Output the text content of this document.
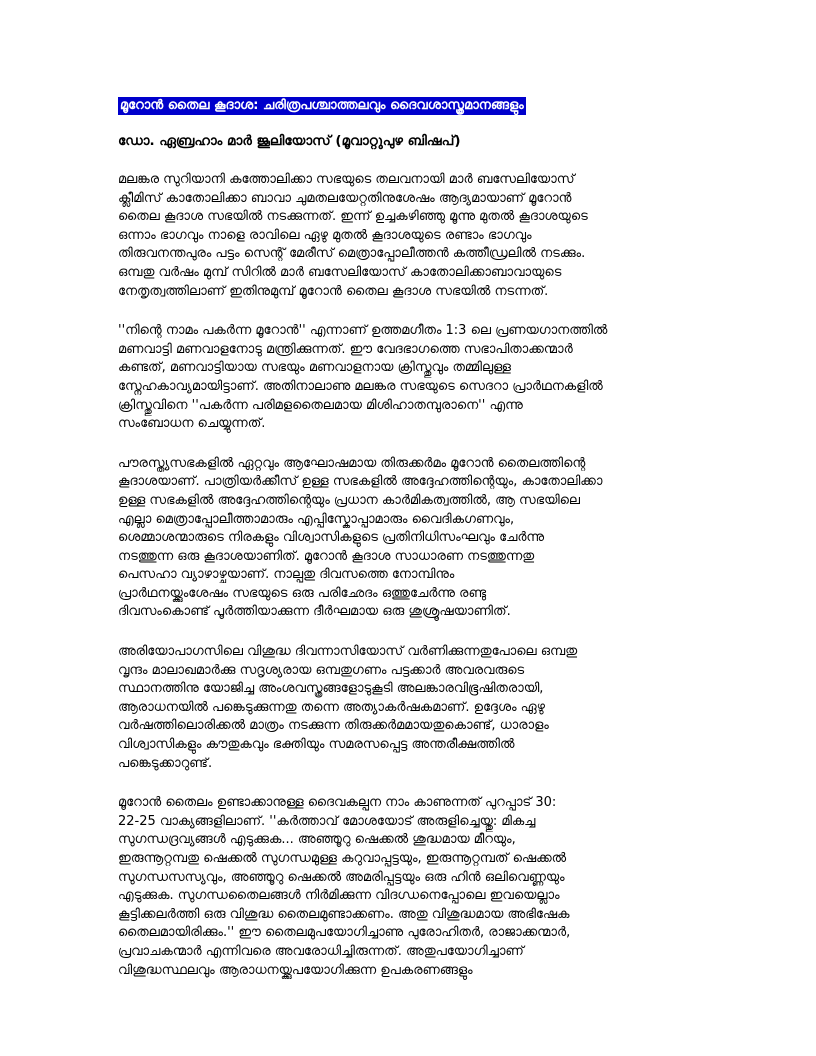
മൂറോൻ തൈല കൂദാശ: ചരിത്രപശ്ചാത്തലവും ദൈവശാസ്ത്രമാനങ്ങളും
ഡോ. ഏബ്രഹാം മാർ ജൂലിയോസ് (മൂവാറ്റുപുഴ ബിഷപ്)
മലങ്കര സുറിയാനി കത്തോലിക്കാ സഭയുടെ തലവനായി മാർ ബസേലിയോസ്
ക്ലീമിസ് കാതോലിക്കാ ബാവാ ചുമതലയേറ്റതിനുശേഷം ആദ്യമായാണ് മൂറോൻ
തൈല കൂദാശ സഭയിൽ നടക്കുന്നത്. ഇന്ന് ഉച്ചകഴിഞ്ഞു മൂന്നു മുതൽ കൂദാശയുടെ
ഒന്നാം ഭാഗവും നാളെ രാവിലെ ഏഴു മുതൽ കൂദാശയുടെ രണ്ടാം ഭാഗവും
തിരുവനന്തപുരം പട്ടം സെന്റ് മേരീസ് മെത്രാപ്പോലീത്തൻ കത്തീഡ്രലിൽ നടക്കും.
ഒമ്പതു വർഷം മുമ്പ് സിറിൽ മാർ ബസേലിയോസ് കാതോലിക്കാബാവായുടെ
നേതൃത്വത്തിലാണ് ഇതിനുമുമ്പ് മൂറോൻ തൈല കൂദാശ സഭയിൽ നടന്നത്.
''നിന്റെ നാമം പകർന്ന മൂറോൻ'' എന്നാണ് ഉത്തമഗീതം 1:3 ലെ പ്രണയഗാനത്തിൽ
മണവാട്ടി മണവാളനോടു മന്ത്രിക്കുന്നത്. ഈ വേദഭാഗത്തെ സഭാപിതാക്കന്മാർ
കണ്ടത്, മണവാട്ടിയായ സഭയും മണവാളനായ ക്രിസ്തുവും തമ്മിലുള്ള
സ്നേഹകാവ്യമായിട്ടാണ്. അതിനാലാണു മലങ്കര സഭയുടെ സെദറാ പ്രാർഥനകളിൽ
ക്രിസ്തുവിനെ ''പകർന്ന പരിമളതൈലമായ മിശിഹാതമ്പുരാനെ'' എന്നു
സംബോധന ചെയ്യുന്നത്.
പൗരസ്ത്യസഭകളിൽ ഏറ്റവും ആഘോഷമായ തിരുക്കർമം മൂറോൻ തൈലത്തിന്റെ
കൂദാശയാണ്. പാത്രിയർക്കീസ് ഉള്ള സഭകളിൽ അദ്ദേഹത്തിന്റെയും, കാതോലിക്കാ
ഉള്ള സഭകളിൽ അദ്ദേഹത്തിന്റെയും പ്രധാന കാർമികത്വത്തിൽ, ആ സഭയിലെ
എല്ലാ മെത്രാപ്പോലീത്താമാരും എപ്പിസ്കോപ്പാമാരും വൈദികഗണവും,
ശെമ്മാശന്മാരുടെ നിരകളും വിശ്വാസികളുടെ പ്രതിനിധിസംഘവും ചേർന്നു
നടത്തുന്ന ഒരു കൂദാശയാണിത്. മൂറോൻ കൂദാശ സാധാരണ നടത്തുന്നതു
പെസഹാ വ്യാഴാഴ്ചയാണ്. നാല്പതു ദിവസത്തെ നോമ്പിനും
പ്രാർഥനയ്ക്കുംശേഷം സഭയുടെ ഒരു പരിഛേദം ഒത്തുചേർന്നു രണ്ടു
ദിവസംകൊണ്ട് പൂർത്തിയാക്കുന്ന ദീർഘമായ ഒരു ശുശ്രൂഷയാണിത്.
അരിയോപാഗസിലെ വിശുദ്ധ ദിവന്നാസിയോസ് വർണിക്കുന്നതുപോലെ ഒമ്പതു
വൃന്ദം മാലാഖമാർക്കു സദൃശ്യരായ ഒമ്പതുഗണം പട്ടക്കാർ അവരവരുടെ
സ്ഥാനത്തിനു യോജിച്ച അംശവസ്ത്രങ്ങളോടുകൂടി അലങ്കാരവിഭൂഷിതരായി,
ആരാധനയിൽ പങ്കെടുക്കുന്നതു തന്നെ അത്യാകർഷകമാണ്. ഉദ്ദേശം ഏഴു
വർഷത്തിലൊരിക്കൽ മാത്രം നടക്കുന്ന തിരുക്കർമമായതുകൊണ്ട്, ധാരാളം
വിശ്വാസികളും കൗതുകവും ഭക്തിയും സമരസപ്പെട്ട അന്തരീക്ഷത്തിൽ
പങ്കെടുക്കാറുണ്ട്.
മൂറോൻ തൈലം ഉണ്ടാക്കാനുള്ള ദൈവകല്പന നാം കാണുന്നത് പുറപ്പാട് 30:
22-25 വാക്യങ്ങളിലാണ്. ''കർത്താവ് മോശയോട് അരുളിച്ചെയ്തു: മികച്ച
സുഗന്ധദ്രവ്യങ്ങൾ എടുക്കുക... അഞ്ഞൂറു ഷെക്കൽ ശുദ്ധമായ മീറയും,
ഇരുന്നൂറ്റമ്പതു ഷെക്കൽ സുഗന്ധമുള്ള കറുവാപ്പട്ടയും, ഇരുന്നൂറ്റമ്പത് ഷെക്കൽ
സുഗന്ധസസ്യവും, അഞ്ഞൂറു ഷെക്കൽ അമരിപ്പട്ടയും ഒരു ഹിൻ ഒലിവെണ്ണയും
എടുക്കുക. സുഗന്ധതൈലങ്ങൾ നിർമിക്കുന്ന വിദഗ്ധനെപ്പോലെ ഇവയെല്ലാം
കൂട്ടിക്കലർത്തി ഒരു വിശുദ്ധ തൈലമുണ്ടാക്കണം. അതു വിശുദ്ധമായ അഭിഷേക
തൈലമായിരിക്കും.'' ഈ തൈലമുപയോഗിച്ചാണു പുരോഹിതർ, രാജാക്കന്മാർ,
പ്രവാചകന്മാർ എന്നിവരെ അവരോധിച്ചിരുന്നത്. അതുപയോഗിച്ചാണ്
വിശുദ്ധസ്ഥലവും ആരാധനയ്ക്കുപയോഗിക്കുന്ന ഉപകരണങ്ങളും
